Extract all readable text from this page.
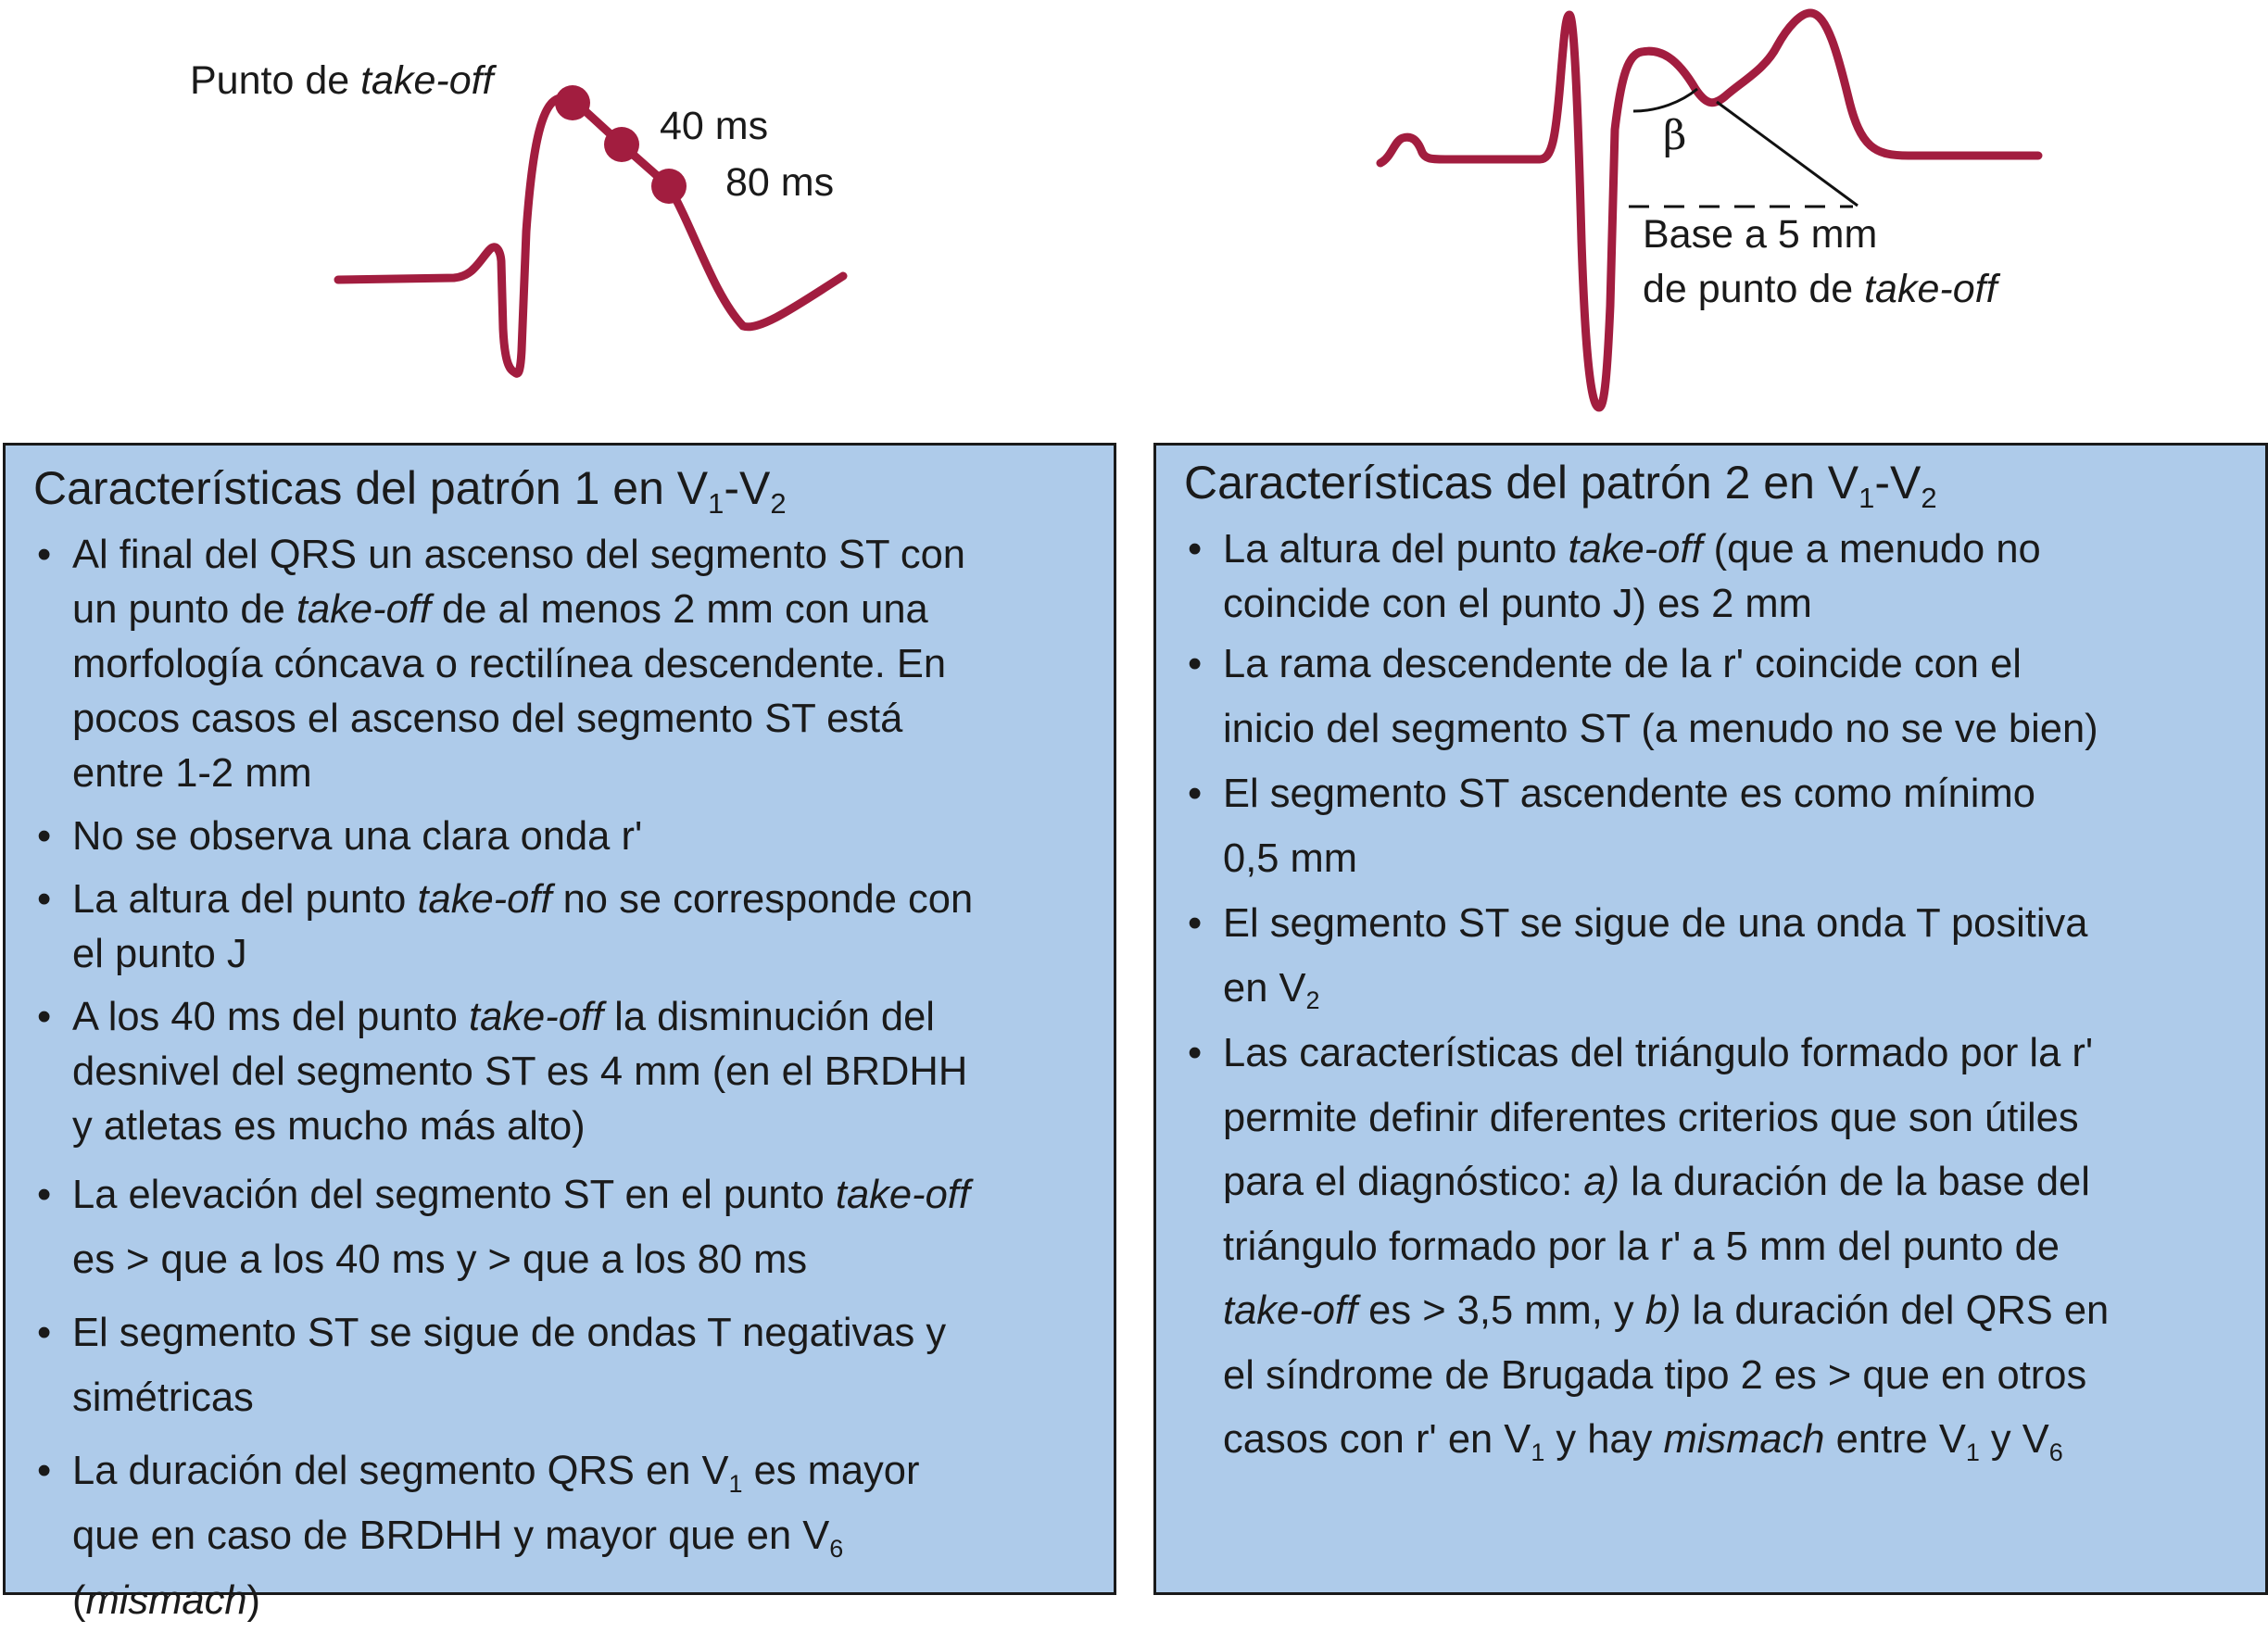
Punto de take-off
40 ms
80 ms
β
Base a 5 mm
de punto de take-off
Características del patrón 1 en $V_1-V_2$
• Al final del QRS un ascenso del segmento ST con
un punto de take-off de al menos 2 mm con una
morfología cóncava o rectilínea descendente. En
pocos casos el ascenso del segmento ST está
entre 1-2 mm
• No se observa una clara onda r'
• La altura del punto take-off no se corresponde con
el punto J
• A los 40 ms del punto take-off la disminución del
desnivel del segmento ST es 4 mm (en el BRDHH
y atletas es mucho más alto)
• La elevación del segmento ST en el punto take-off
es > que a los 40 ms y > que a los 80 ms
• El segmento ST se sigue de ondas T negativas y
simétricas
• La duración del segmento QRS en $V_1$ es mayor
que en caso de BRDHH y mayor que en $V_6$
(mismach)
Características del patrón 2 en $V_1-V_2$
• La altura del punto take-off (que a menudo no
coincide con el punto J) es 2 mm
• La rama descendente de la r' coincide con el
inicio del segmento ST (a menudo no se ve bien)
• El segmento ST ascendente es como mínimo
0,5 mm
• El segmento ST se sigue de una onda T positiva
en $V_2$
• Las características del triángulo formado por la r'
permite definir diferentes criterios que son útiles
para el diagnóstico: a) la duración de la base del
triángulo formado por la r' a 5 mm del punto de
take-off es > 3,5 mm, y b) la duración del QRS en
el síndrome de Brugada tipo 2 es > que en otros
casos con r' en $V_1$ y hay mismach entre $V_1$ y $V_6$
